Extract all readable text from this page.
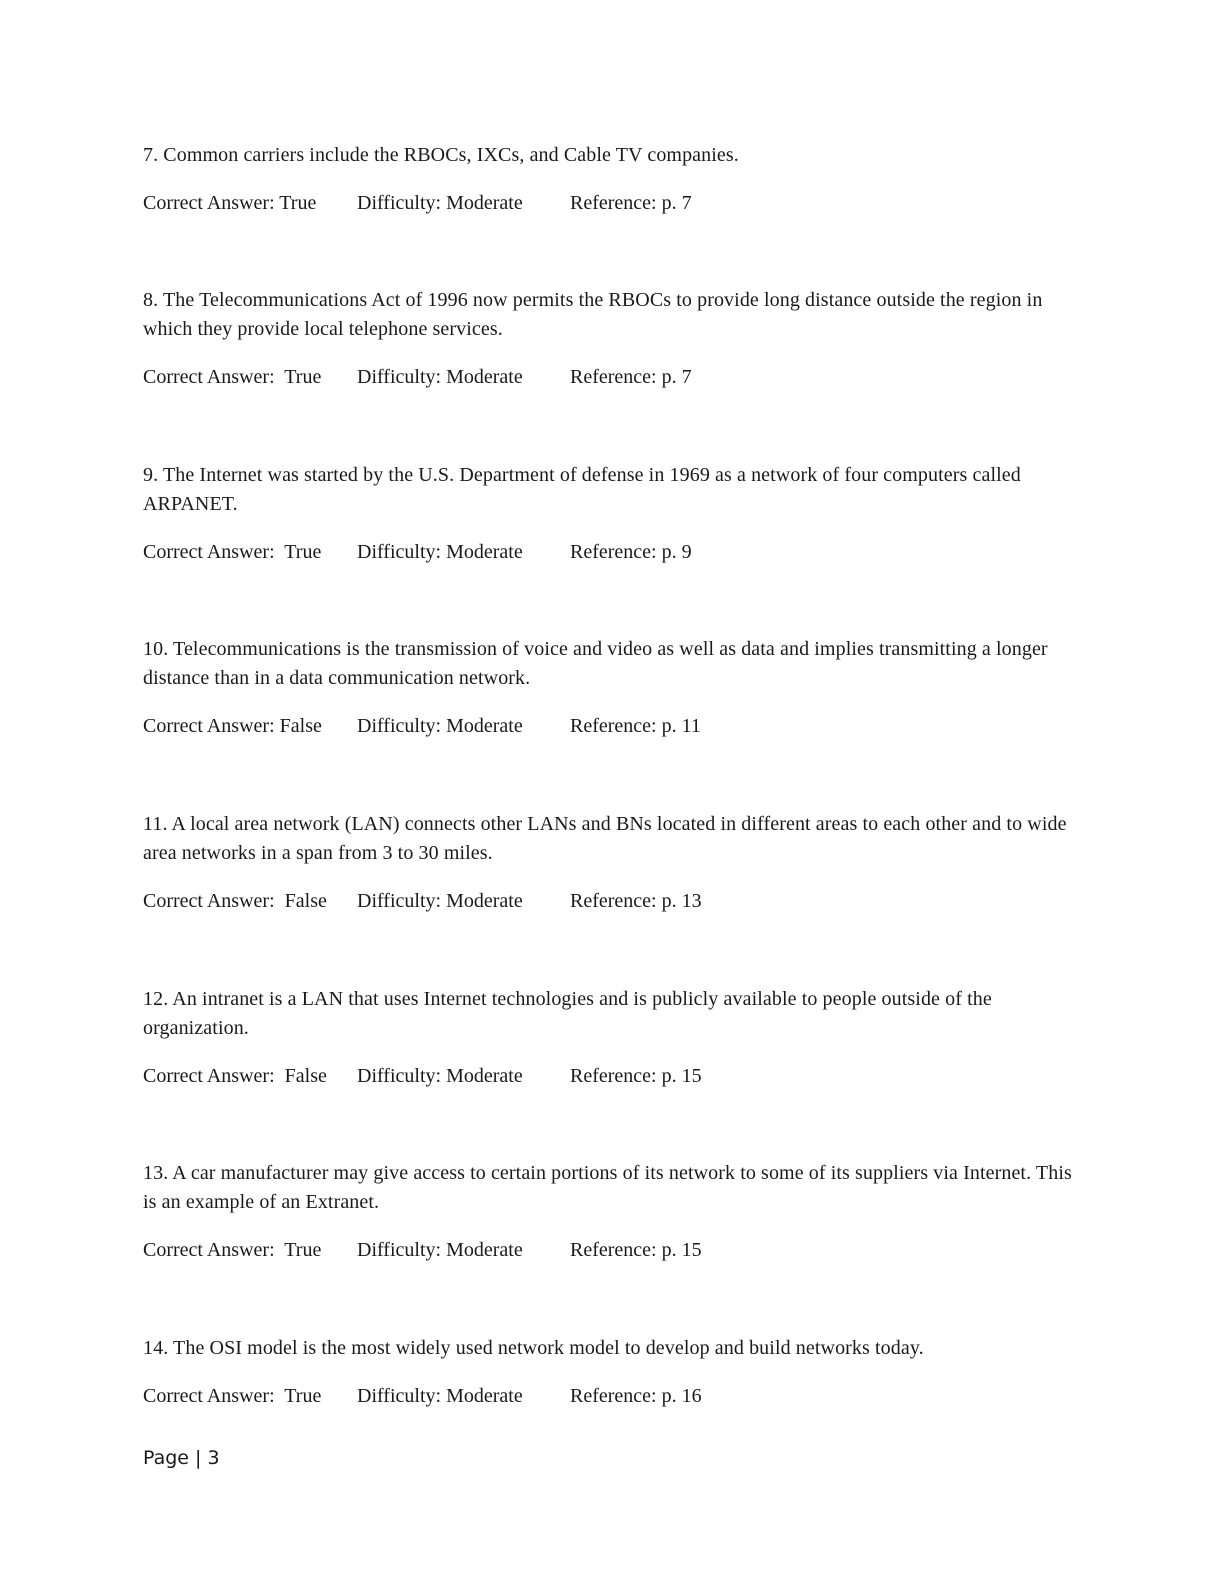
7. Common carriers include the RBOCs, IXCs, and Cable TV companies.
Correct Answer: True Difficulty: Moderate Reference: p. 7
8. The Telecommunications Act of 1996 now permits the RBOCs to provide long distance outside the region in which they provide local telephone services.
Correct Answer:  True Difficulty: Moderate Reference: p. 7
9. The Internet was started by the U.S. Department of defense in 1969 as a network of four computers called ARPANET.
Correct Answer:  True Difficulty: Moderate Reference: p. 9
10. Telecommunications is the transmission of voice and video as well as data and implies transmitting a longer distance than in a data communication network.
Correct Answer: False Difficulty: Moderate Reference: p. 11
11. A local area network (LAN) connects other LANs and BNs located in different areas to each other and to wide area networks in a span from 3 to 30 miles.
Correct Answer:  False Difficulty: Moderate Reference: p. 13
12. An intranet is a LAN that uses Internet technologies and is publicly available to people outside of the organization.
Correct Answer:  False Difficulty: Moderate Reference: p. 15
13. A car manufacturer may give access to certain portions of its network to some of its suppliers via Internet. This is an example of an Extranet.
Correct Answer:  True Difficulty: Moderate Reference: p. 15
14. The OSI model is the most widely used network model to develop and build networks today.
Correct Answer:  True Difficulty: Moderate Reference: p. 16
Page | 3
